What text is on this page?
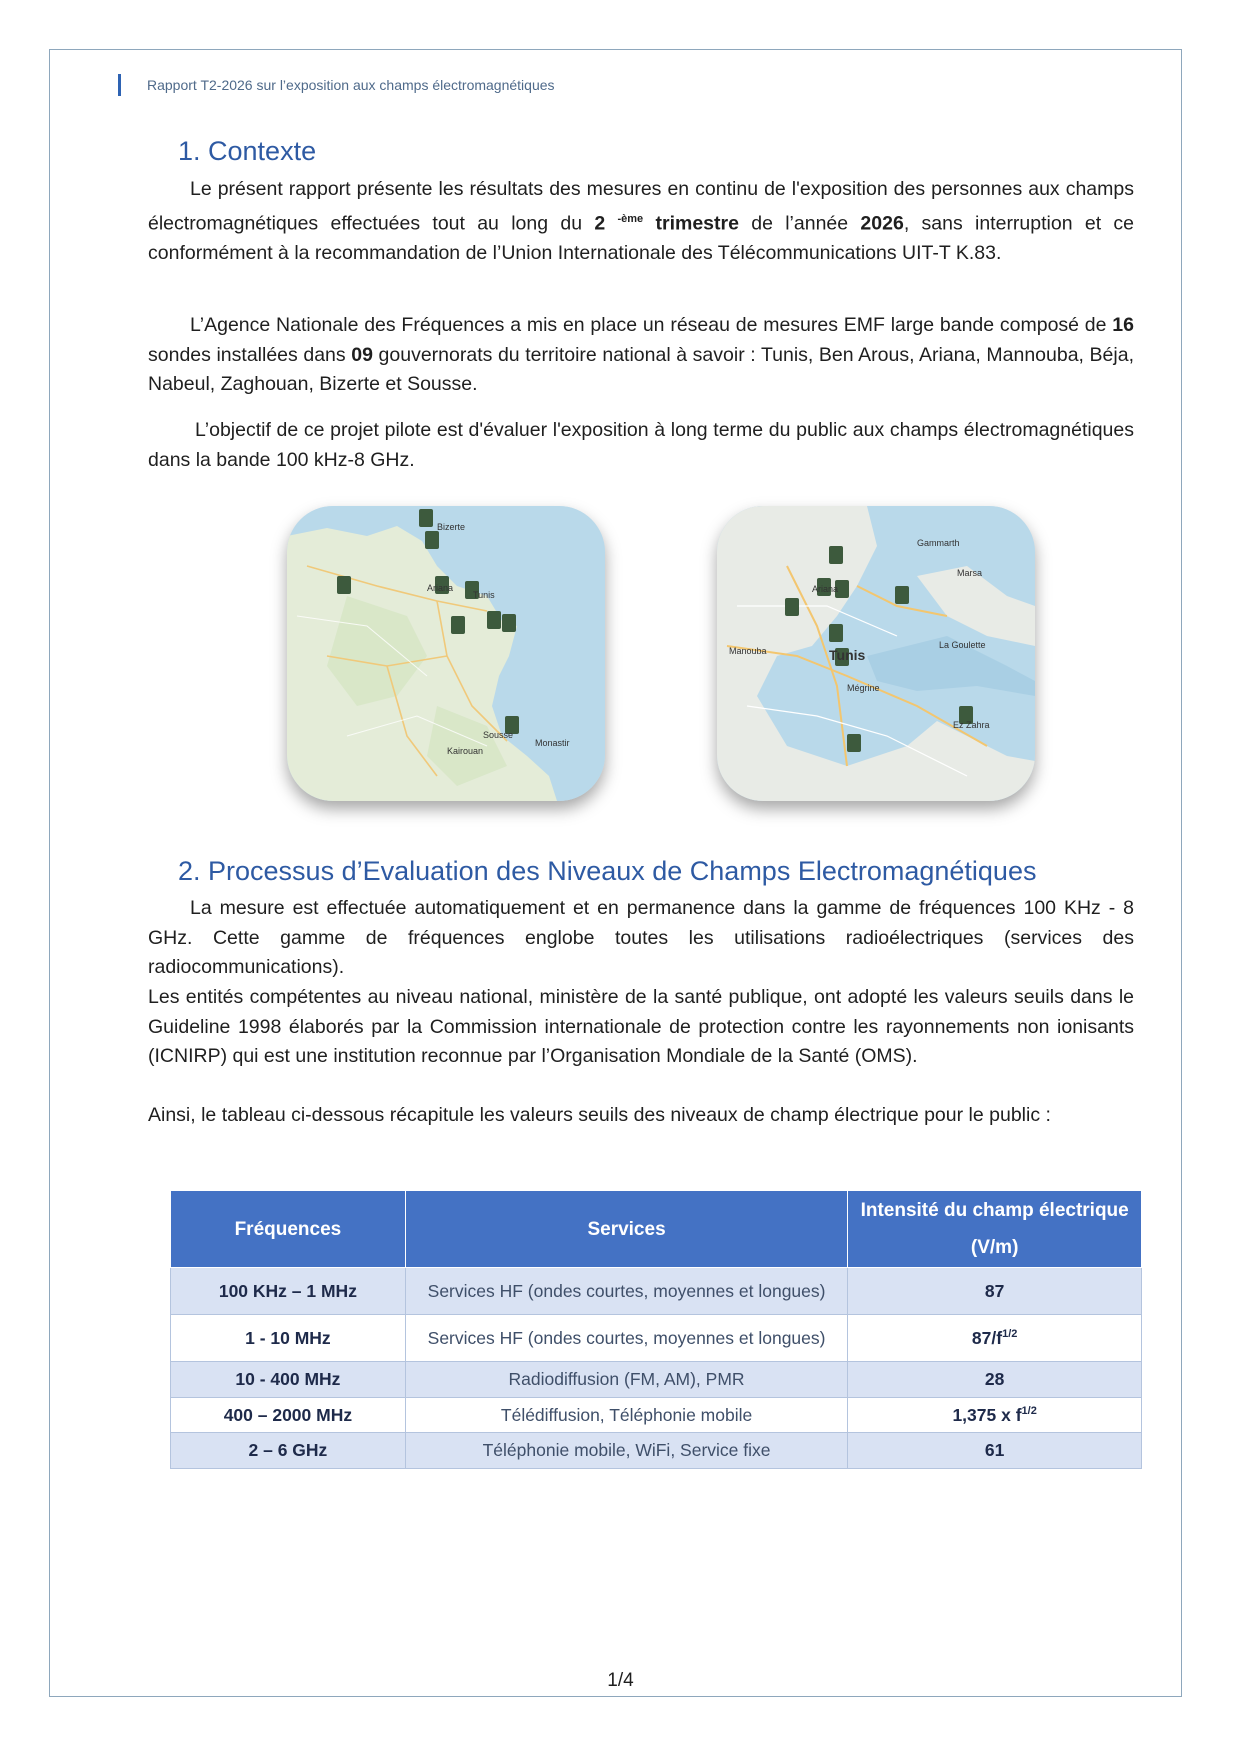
Rapport T2-2026 sur l’exposition aux champs électromagnétiques
1. Contexte

Le présent rapport présente les résultats des mesures en continu de l'exposition des personnes aux champs électromagnétiques effectuées tout au long du 2 $^{-ème}$ trimestre de l’année 2026, sans interruption et ce conformément à la recommandation de l’Union Internationale des Télécommunications UIT-T K.83.

L’Agence Nationale des Fréquences a mis en place un réseau de mesures EMF large bande composé de 16 sondes installées dans 09 gouvernorats du territoire national à savoir : Tunis, Ben Arous, Ariana, Mannouba, Béja, Nabeul, Zaghouan, Bizerte et Sousse.

L’objectif de ce projet pilote est d'évaluer l'exposition à long terme du public aux champs électromagnétiques dans la bande 100 kHz-8 GHz.

Bizerte
Ariana
Tunis
Sousse
Monastir
Kairouan
Tunis
Ariana
Manouba
La Goulette
Mégrine
Ez Zahra
Marsa
Gammarth
2. Processus d’Evaluation des Niveaux de Champs Electromagnétiques

La mesure est effectuée automatiquement et en permanence dans la gamme de fréquences 100 KHz - 8 GHz. Cette gamme de fréquences englobe toutes les utilisations radioélectriques (services des radiocommunications).

Les entités compétentes au niveau national, ministère de la santé publique, ont adopté les valeurs seuils dans le Guideline 1998 élaborés par la Commission internationale de protection contre les rayonnements non ionisants (ICNIRP) qui est une institution reconnue par l’Organisation Mondiale de la Santé (OMS).

Ainsi, le tableau ci-dessous récapitule les valeurs seuils des niveaux de champ électrique pour le public :

Fréquences	Services	Intensité du champ électrique (V/m)
100 KHz – 1 MHz	Services HF (ondes courtes, moyennes et longues)	87
1 - 10 MHz	Services HF (ondes courtes, moyennes et longues)	$87/f^{1/2}$
10 - 400 MHz	Radiodiffusion (FM, AM), PMR	28
400 – 2000 MHz	Télédiffusion, Téléphonie mobile	1,375 x $f^{1/2}$
2 – 6 GHz	Téléphonie mobile, WiFi, Service fixe	61
1/4
